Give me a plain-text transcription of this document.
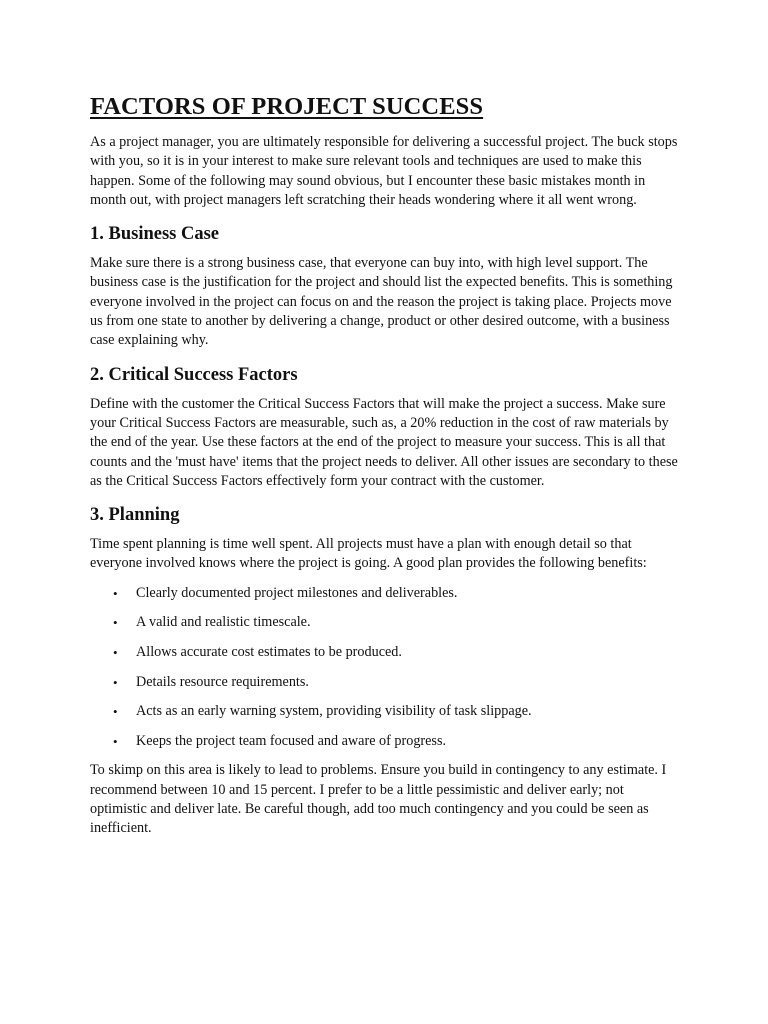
FACTORS OF PROJECT SUCCESS

As a project manager, you are ultimately responsible for delivering a successful project. The buck stops with you, so it is in your interest to make sure relevant tools and techniques are used to make this happen. Some of the following may sound obvious, but I encounter these basic mistakes month in month out, with project managers left scratching their heads wondering where it all went wrong.

1. Business Case

Make sure there is a strong business case, that everyone can buy into, with high level support. The business case is the justification for the project and should list the expected benefits. This is something everyone involved in the project can focus on and the reason the project is taking place. Projects move us from one state to another by delivering a change, product or other desired outcome, with a business case explaining why.

2. Critical Success Factors

Define with the customer the Critical Success Factors that will make the project a success. Make sure your Critical Success Factors are measurable, such as, a 20% reduction in the cost of raw materials by the end of the year. Use these factors at the end of the project to measure your success. This is all that counts and the 'must have' items that the project needs to deliver. All other issues are secondary to these as the Critical Success Factors effectively form your contract with the customer.

3. Planning

Time spent planning is time well spent. All projects must have a plan with enough detail so that everyone involved knows where the project is going. A good plan provides the following benefits:

• Clearly documented project milestones and deliverables.
• A valid and realistic timescale.
• Allows accurate cost estimates to be produced.
• Details resource requirements.
• Acts as an early warning system, providing visibility of task slippage.
• Keeps the project team focused and aware of progress.

To skimp on this area is likely to lead to problems. Ensure you build in contingency to any estimate. I recommend between 10 and 15 percent. I prefer to be a little pessimistic and deliver early; not optimistic and deliver late. Be careful though, add too much contingency and you could be seen as inefficient.
